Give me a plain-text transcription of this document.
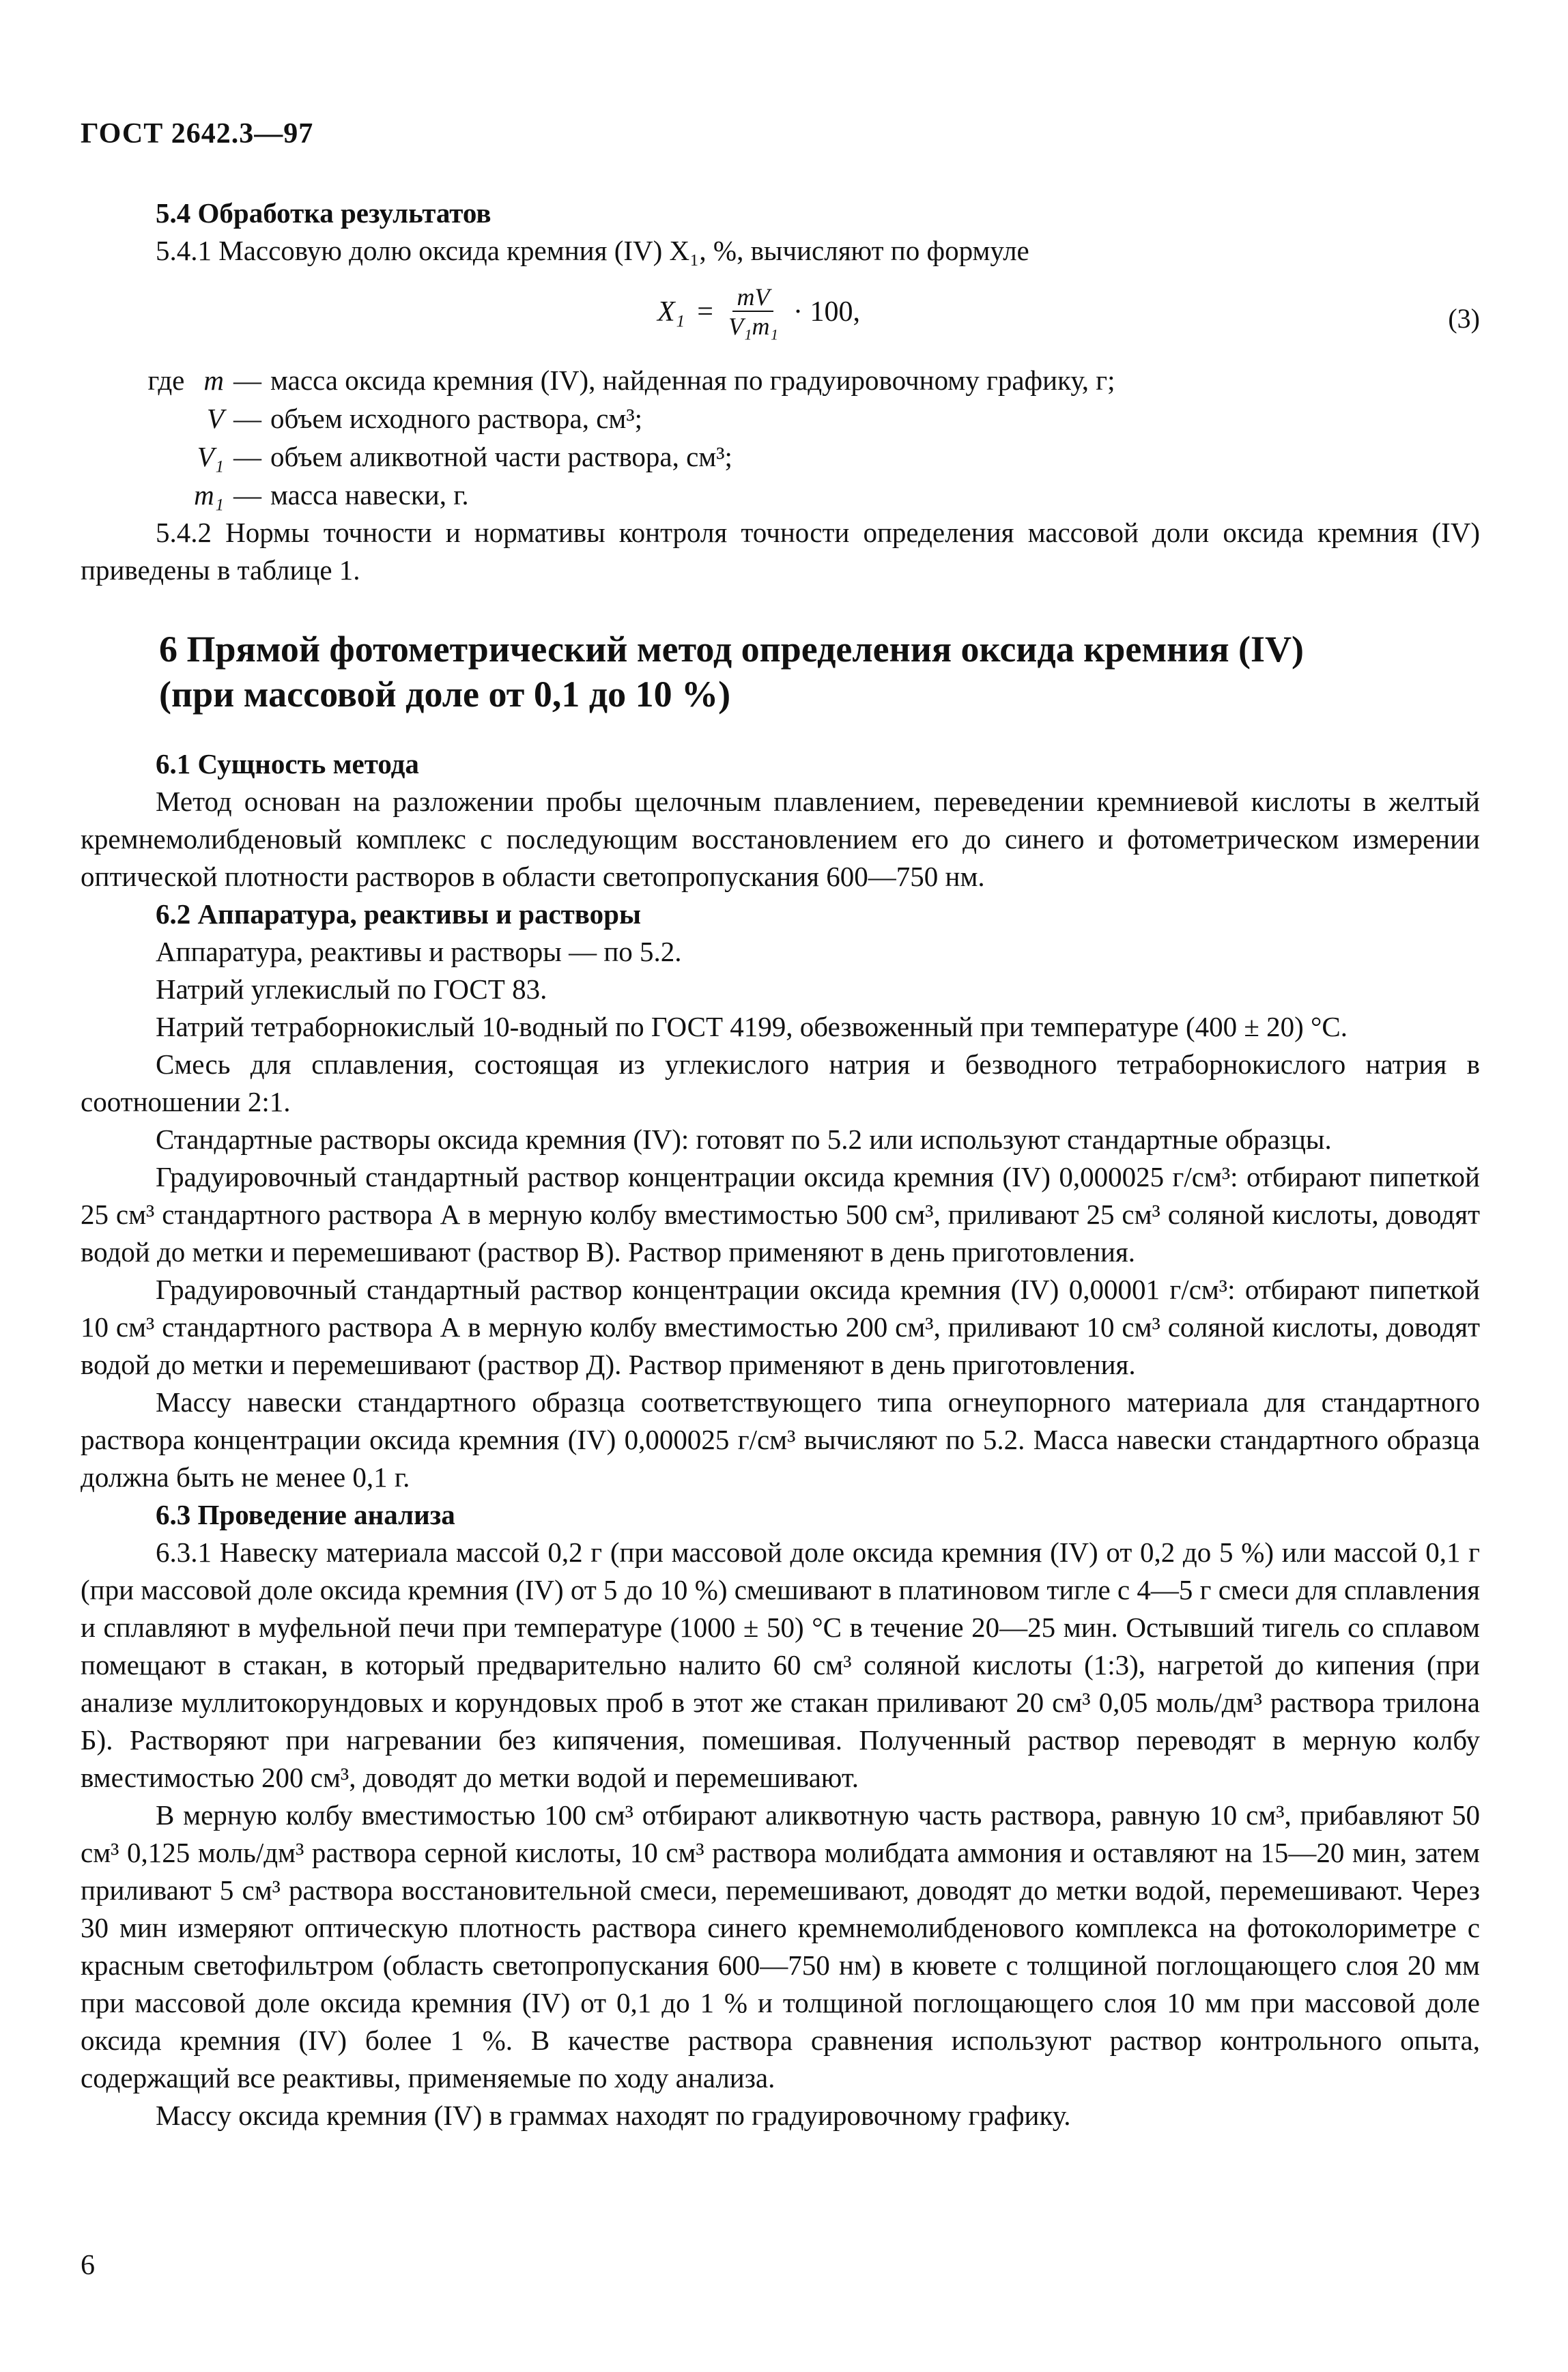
ГОСТ 2642.3—97

5.4 Обработка результатов

5.4.1 Массовую долю оксида кремния (IV) X₁, %, вычисляют по формуле

$X_1 = \frac{mV}{\text{V₁m₁}} \cdot 100$,	(3)
где m — масса оксида кремния (IV), найденная по градуировочному графику, г;
V — объем исходного раствора, см³;
V₁ — объем аликвотной части раствора, см³;
m₁ — масса навески, г.

5.4.2 Нормы точности и нормативы контроля точности определения массовой доли оксида кремния (IV) приведены в таблице 1.

6 Прямой фотометрический метод определения оксида кремния (IV)
(при массовой доле от 0,1 до 10 %)

6.1 Сущность метода

Метод основан на разложении пробы щелочным плавлением, переведении кремниевой кислоты в желтый кремнемолибденовый комплекс с последующим восстановлением его до синего и фотометрическом измерении оптической плотности растворов в области светопропускания 600—750 нм.

6.2 Аппаратура, реактивы и растворы

Аппаратура, реактивы и растворы — по 5.2.

Натрий углекислый по ГОСТ 83.

Натрий тетраборнокислый 10-водный по ГОСТ 4199, обезвоженный при температуре (400 ± 20) °С.

Смесь для сплавления, состоящая из углекислого натрия и безводного тетраборнокислого натрия в соотношении 2:1.

Стандартные растворы оксида кремния (IV): готовят по 5.2 или используют стандартные образцы.

Градуировочный стандартный раствор концентрации оксида кремния (IV) 0,000025 г/см³: отбирают пипеткой 25 см³ стандартного раствора А в мерную колбу вместимостью 500 см³, приливают 25 см³ соляной кислоты, доводят водой до метки и перемешивают (раствор В). Раствор применяют в день приготовления.

Градуировочный стандартный раствор концентрации оксида кремния (IV) 0,00001 г/см³: отбирают пипеткой 10 см³ стандартного раствора А в мерную колбу вместимостью 200 см³, приливают 10 см³ соляной кислоты, доводят водой до метки и перемешивают (раствор Д). Раствор применяют в день приготовления.

Массу навески стандартного образца соответствующего типа огнеупорного материала для стандартного раствора концентрации оксида кремния (IV) 0,000025 г/см³ вычисляют по 5.2. Масса навески стандартного образца должна быть не менее 0,1 г.

6.3 Проведение анализа

6.3.1 Навеску материала массой 0,2 г (при массовой доле оксида кремния (IV) от 0,2 до 5 %) или массой 0,1 г (при массовой доле оксида кремния (IV) от 5 до 10 %) смешивают в платиновом тигле с 4—5 г смеси для сплавления и сплавляют в муфельной печи при температуре (1000 ± 50) °С в течение 20—25 мин. Остывший тигель со сплавом помещают в стакан, в который предварительно налито 60 см³ соляной кислоты (1:3), нагретой до кипения (при анализе муллитокорундовых и корундовых проб в этот же стакан приливают 20 см³ 0,05 моль/дм³ раствора трилона Б). Растворяют при нагревании без кипячения, помешивая. Полученный раствор переводят в мерную колбу вместимостью 200 см³, доводят до метки водой и перемешивают.

В мерную колбу вместимостью 100 см³ отбирают аликвотную часть раствора, равную 10 см³, прибавляют 50 см³ 0,125 моль/дм³ раствора серной кислоты, 10 см³ раствора молибдата аммония и оставляют на 15—20 мин, затем приливают 5 см³ раствора восстановительной смеси, перемешивают, доводят до метки водой, перемешивают. Через 30 мин измеряют оптическую плотность раствора синего кремнемолибденового комплекса на фотоколориметре с красным светофильтром (область светопропускания 600—750 нм) в кювете с толщиной поглощающего слоя 20 мм при массовой доле оксида кремния (IV) от 0,1 до 1 % и толщиной поглощающего слоя 10 мм при массовой доле оксида кремния (IV) более 1 %. В качестве раствора сравнения используют раствор контрольного опыта, содержащий все реактивы, применяемые по ходу анализа.

Массу оксида кремния (IV) в граммах находят по градуировочному графику.

6
